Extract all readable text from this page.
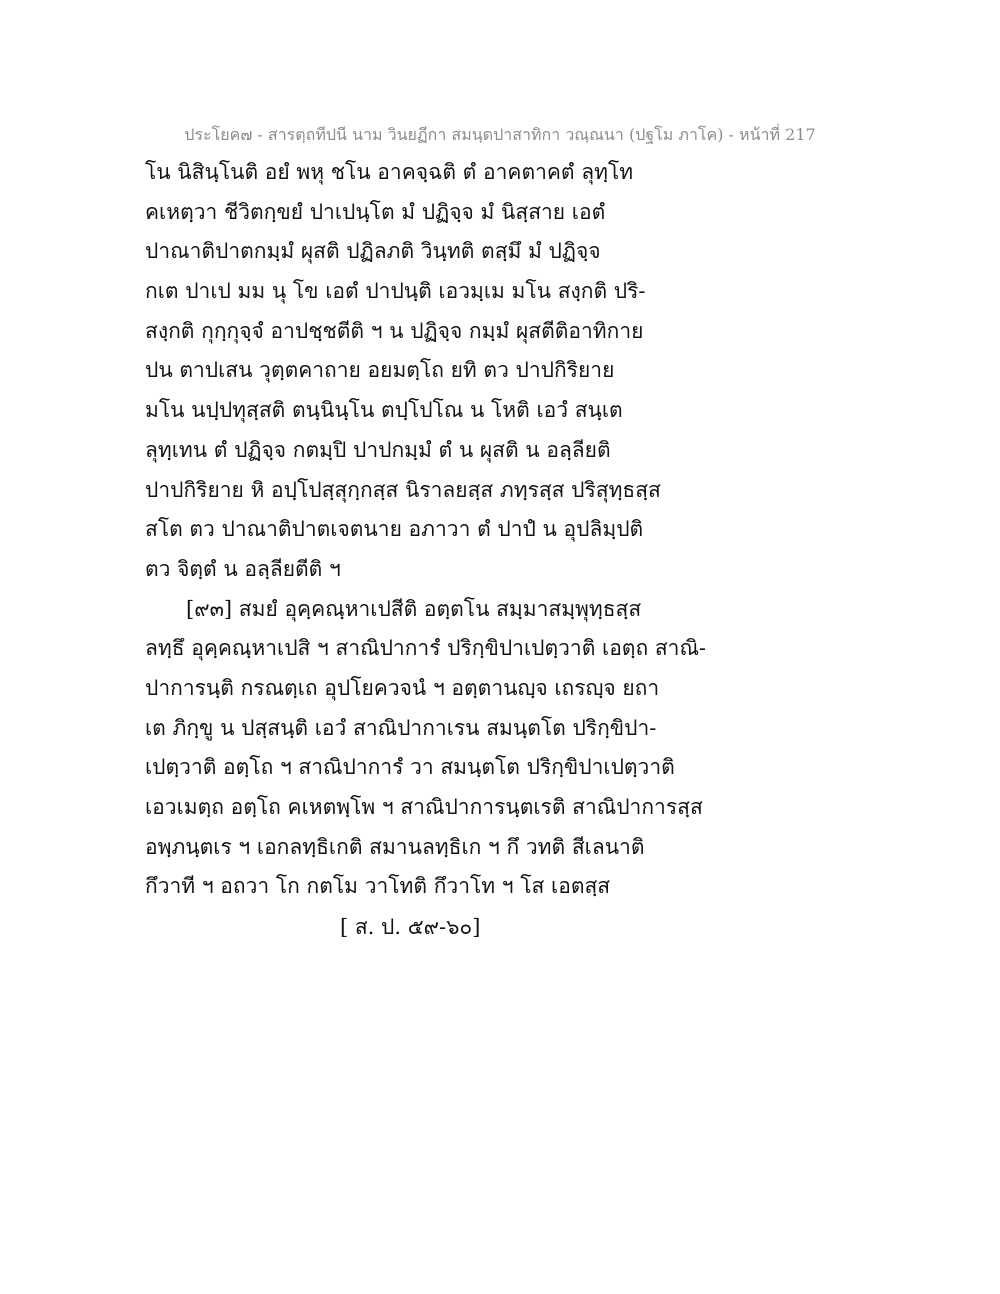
ประโยค๗ - สารตฺถทีปนี นาม วินยฏีกา สมนฺตปาสาทิกา วณฺณนา (ปฐโม ภาโค) - หน้าที่ 217
โน นิสินฺโนติ อยํ พหุ ชโน อาคจฺฉติ ตํ อาคตาคตํ ลุทฺโท
คเหตฺวา ชีวิตกฺขยํ ปาเปนฺโต มํ ปฏิจฺจ มํ นิสฺสาย เอตํ
ปาณาติปาตกมฺมํ ผุสติ ปฏิลภติ วินฺทติ ตสฺมึ มํ ปฏิจฺจ
กเต ปาเป มม นุ โข เอตํ ปาปนฺติ เอวมฺเม มโน สงฺกติ ปริ-
สงฺกติ กุกฺกุจฺจํ อาปชฺชตีติ ฯ น ปฏิจฺจ กมฺมํ ผุสตีติอาทิกาย
ปน ตาปเสน วุตฺตคาถาย อยมตฺโถ ยทิ ตว ปาปกิริยาย
มโน นปฺปทุสฺสติ ตนฺนินฺโน ตปฺโปโณ น โหติ เอวํ สนฺเต
ลุทฺเทน ตํ ปฏิจฺจ กตมฺปิ ปาปกมฺมํ ตํ น ผุสติ น อลฺลียติ
ปาปกิริยาย หิ อปฺโปสฺสุกฺกสฺส นิราลยสฺส ภทฺรสฺส ปริสุทฺธสฺส
สโต ตว ปาณาติปาตเจตนาย อภาวา ตํ ปาปํ น อุปลิมฺปติ
ตว จิตฺตํ น อลฺลียตีติ ฯ
[๙๓] สมยํ อุคฺคณฺหาเปสีติ อตฺตโน สมฺมาสมฺพุทฺธสฺส
ลทฺธึ อุคฺคณฺหาเปสิ ฯ สาณิปาการํ ปริกฺขิปาเปตฺวาติ เอตฺถ สาณิ-
ปาการนฺติ กรณตฺเถ อุปโยควจนํ ฯ อตฺตานญฺจ เถรญฺจ ยถา
เต ภิกฺขู น ปสฺสนฺติ เอวํ สาณิปากาเรน สมนฺตโต ปริกฺขิปา-
เปตฺวาติ อตฺโถ ฯ สาณิปาการํ วา สมนฺตโต ปริกฺขิปาเปตฺวาติ
เอวเมตฺถ อตฺโถ คเหตพฺโพ ฯ สาณิปาการนฺตเรติ สาณิปาการสฺส
อพฺภนฺตเร ฯ เอกลทฺธิเกติ สมานลทฺธิเก ฯ กึ วทติ สีเลนาติ
กึวาที ฯ อถวา โก กตโม วาโทติ กึวาโท ฯ โส เอตสฺส
[ ส. ป. ๕๙-๖๐]
